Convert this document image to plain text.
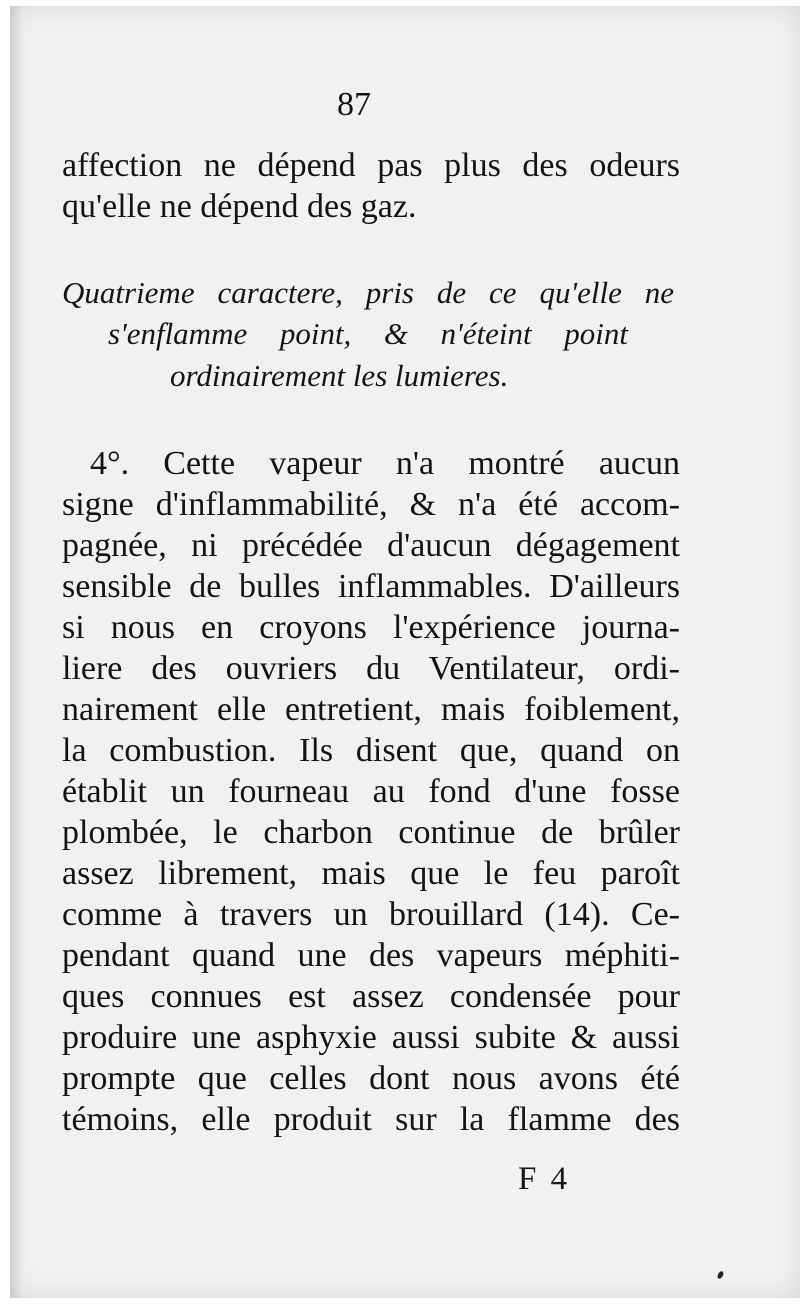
87
affection ne dépend pas plus des odeurs
qu'elle ne dépend des gaz.
Quatrieme caractere, pris de ce qu'elle ne
s'enflamme point, & n'éteint point
ordinairement les lumieres.
4°. Cette vapeur n'a montré aucun
signe d'inflammabilité, & n'a été accom-
pagnée, ni précédée d'aucun dégagement
sensible de bulles inflammables. D'ailleurs
si nous en croyons l'expérience journa-
liere des ouvriers du Ventilateur, ordi-
nairement elle entretient, mais foiblement,
la combustion. Ils disent que, quand on
établit un fourneau au fond d'une fosse
plombée, le charbon continue de brûler
assez librement, mais que le feu paroît
comme à travers un brouillard (14). Ce-
pendant quand une des vapeurs méphiti-
ques connues est assez condensée pour
produire une asphyxie aussi subite & aussi
prompte que celles dont nous avons été
témoins, elle produit sur la flamme des
F 4
